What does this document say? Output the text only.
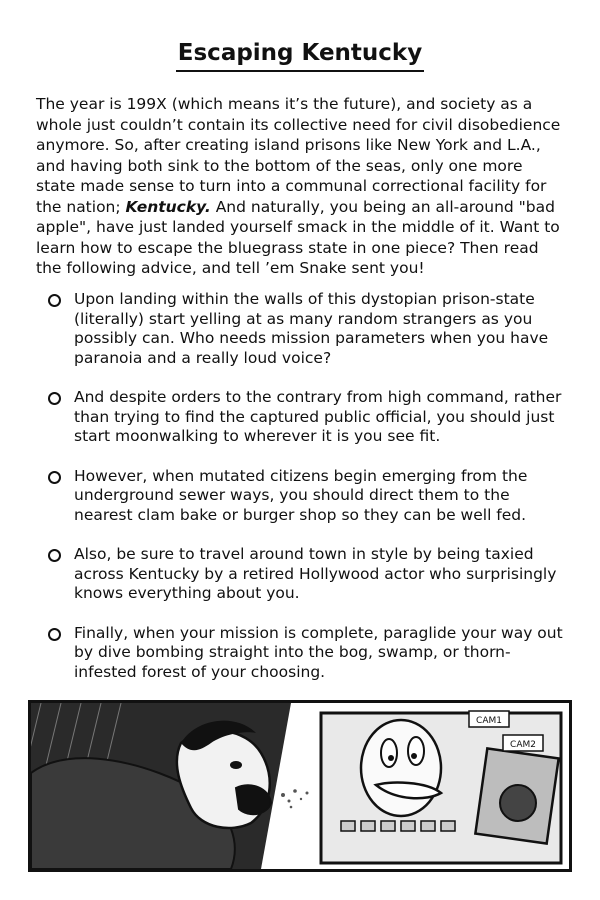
Escaping Kentucky

The year is 199X (which means it’s the future), and society as a whole just couldn’t contain its collective need for civil disobedience anymore. So, after creating island prisons like New York and L.A., and having both sink to the bottom of the seas, only one more state made sense to turn into a communal correctional facility for the nation; Kentucky. And naturally, you being an all-around "bad apple", have just landed yourself smack in the middle of it. Want to learn how to escape the bluegrass state in one piece? Then read the following advice, and tell ’em Snake sent you!

Upon landing within the walls of this dystopian prison-state (literally) start yelling at as many random strangers as you possibly can. Who needs mission parameters when you have paranoia and a really loud voice?
And despite orders to the contrary from high command, rather than trying to find the captured public official, you should just start moonwalking to wherever it is you see fit.
However, when mutated citizens begin emerging from the underground sewer ways, you should direct them to the nearest clam bake or burger shop so they can be well fed.
Also, be sure to travel around town in style by being taxied across Kentucky by a retired Hollywood actor who surprisingly knows everything about you.
Finally, when your mission is complete, paraglide your way out by dive bombing straight into the bog, swamp, or thorn-infested forest of your choosing.
CAM1
CAM2
